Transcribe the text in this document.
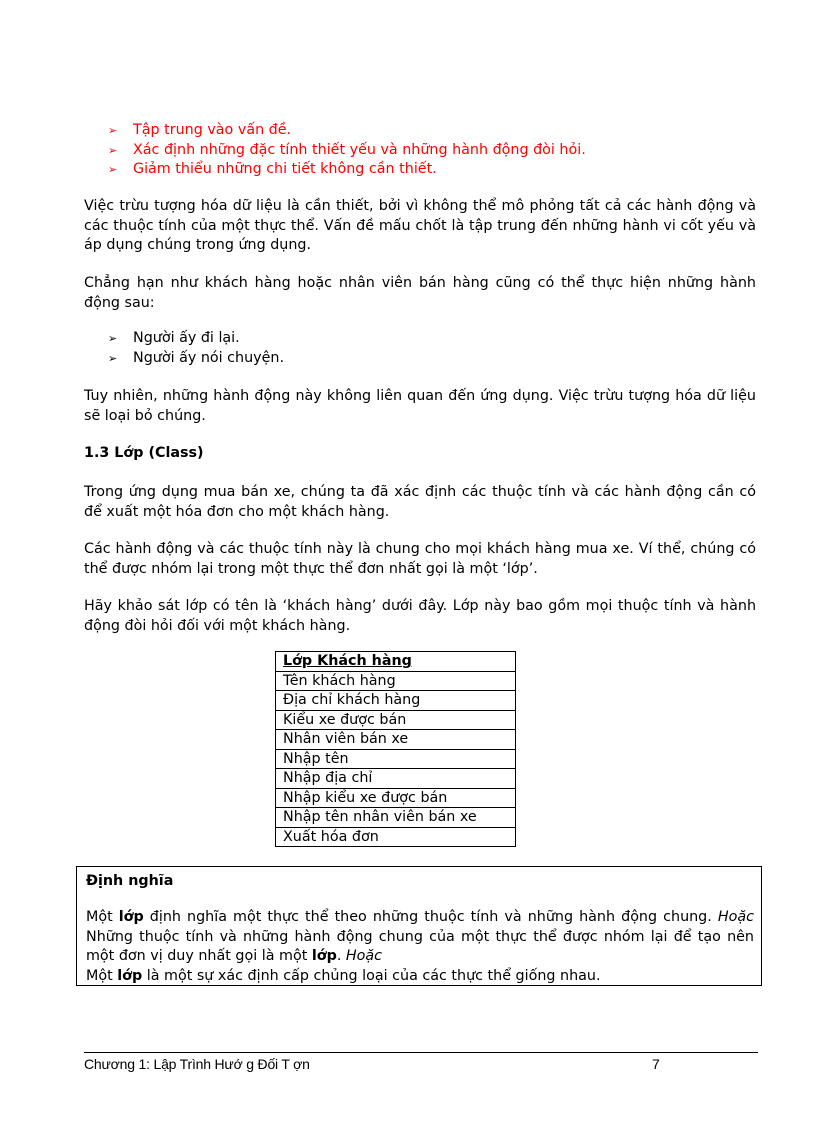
➢ Tập trung vào vấn đề.
➢ Xác định những đặc tính thiết yếu và những hành động đòi hỏi.
➢ Giảm thiểu những chi tiết không cần thiết.

Việc trừu tượng hóa dữ liệu là cần thiết, bởi vì không thể mô phỏng tất cả các hành động và các thuộc tính của một thực thể. Vấn đề mấu chốt là tập trung đến những hành vi cốt yếu và áp dụng chúng trong ứng dụng.

Chẳng hạn như khách hàng hoặc nhân viên bán hàng cũng có thể thực hiện những hành động sau:

➢ Người ấy đi lại.
➢ Người ấy nói chuyện.

Tuy nhiên, những hành động này không liên quan đến ứng dụng. Việc trừu tượng hóa dữ liệu sẽ loại bỏ chúng.

1.3 Lớp (Class)

Trong ứng dụng mua bán xe, chúng ta đã xác định các thuộc tính và các hành động cần có để xuất một hóa đơn cho một khách hàng.

Các hành động và các thuộc tính này là chung cho mọi khách hàng mua xe. Ví thể, chúng có thể được nhóm lại trong một thực thể đơn nhất gọi là một ‘lớp’.

Hãy khảo sát lớp có tên là ‘khách hàng’ dưới đây. Lớp này bao gồm mọi thuộc tính và hành động đòi hỏi đối với một khách hàng.

Lớp Khách hàng
Tên khách hàng
Địa chỉ khách hàng
Kiểu xe được bán
Nhân viên bán xe
Nhập tên
Nhập địa chỉ
Nhập kiểu xe được bán
Nhập tên nhân viên bán xe
Xuất hóa đơn
Định nghĩa
Một lớp định nghĩa một thực thể theo những thuộc tính và những hành động chung. Hoặc Những thuộc tính và những hành động chung của một thực thể được nhóm lại để tạo nên một đơn vị duy nhất gọi là một lớp. Hoặc
Một lớp là một sự xác định cấp chủng loại của các thực thể giống nhau.
Chương 1: Lập Trình Hướ g Đối T ợn	7
